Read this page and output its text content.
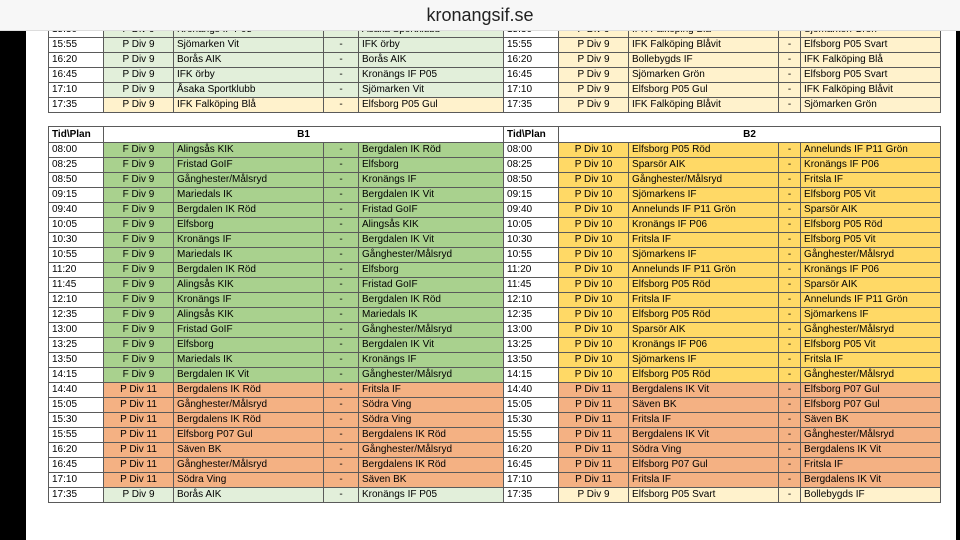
kronangsif.se

15:55	P Div 9	Sjömarken Vit	-	IFK örby	15:55	P Div 9	IFK Falköping Blåvit	-	Elfsborg P05 Svart
16:20	P Div 9	Borås AIK	-	Borås AIK	16:20	P Div 9	Bollebygds IF	-	IFK Falköping Blå
16:45	P Div 9	IFK örby	-	Kronängs IF P05	16:45	P Div 9	Sjömarken Grön	-	Elfsborg P05 Svart
17:10	P Div 9	Åsaka Sportklubb	-	Sjömarken Vit	17:10	P Div 9	Elfsborg P05 Gul	-	IFK Falköping Blåvit
17:35	P Div 9	IFK Falköping Blå	-	Elfsborg P05 Gul	17:35	P Div 9	IFK Falköping Blåvit	-	Sjömarken Grön
Tid\Plan	B1				Tid\Plan	B2			
08:00	F Div 9	Alingsås KIK	-	Bergdalen IK Röd	08:00	P Div 10	Elfsborg P05 Röd	-	Annelunds IF P11 Grön
08:25	F Div 9	Fristad GoIF	-	Elfsborg	08:25	P Div 10	Sparsör AIK	-	Kronängs IF P06
08:50	F Div 9	Gånghester/Målsryd	-	Kronängs IF	08:50	P Div 10	Gånghester/Målsryd	-	Fritsla IF
09:15	F Div 9	Mariedals IK	-	Bergdalen IK Vit	09:15	P Div 10	Sjömarkens IF	-	Elfsborg P05 Vit
09:40	F Div 9	Bergdalen IK Röd	-	Fristad GoIF	09:40	P Div 10	Annelunds IF P11 Grön	-	Sparsör AIK
10:05	F Div 9	Elfsborg	-	Alingsås KIK	10:05	P Div 10	Kronängs IF P06	-	Elfsborg P05 Röd
10:30	F Div 9	Kronängs IF	-	Bergdalen IK Vit	10:30	P Div 10	Fritsla IF	-	Elfsborg P05 Vit
10:55	F Div 9	Mariedals IK	-	Gånghester/Målsryd	10:55	P Div 10	Sjömarkens IF	-	Gånghester/Målsryd
11:20	F Div 9	Bergdalen IK Röd	-	Elfsborg	11:20	P Div 10	Annelunds IF P11 Grön	-	Kronängs IF P06
11:45	F Div 9	Alingsås KIK	-	Fristad GoIF	11:45	P Div 10	Elfsborg P05 Röd	-	Sparsör AIK
12:10	F Div 9	Kronängs IF	-	Bergdalen IK Röd	12:10	P Div 10	Fritsla IF	-	Annelunds IF P11 Grön
12:35	F Div 9	Alingsås KIK	-	Mariedals IK	12:35	P Div 10	Elfsborg P05 Röd	-	Sjömarkens IF
13:00	F Div 9	Fristad GoIF	-	Gånghester/Målsryd	13:00	P Div 10	Sparsör AIK	-	Gånghester/Målsryd
13:25	F Div 9	Elfsborg	-	Bergdalen IK Vit	13:25	P Div 10	Kronängs IF P06	-	Elfsborg P05 Vit
13:50	F Div 9	Mariedals IK	-	Kronängs IF	13:50	P Div 10	Sjömarkens IF	-	Fritsla IF
14:15	F Div 9	Bergdalen IK Vit	-	Gånghester/Målsryd	14:15	P Div 10	Elfsborg P05 Röd	-	Gånghester/Målsryd
14:40	P Div 11	Bergdalens IK Röd	-	Fritsla IF	14:40	P Div 11	Bergdalens IK Vit	-	Elfsborg P07 Gul
15:05	P Div 11	Gånghester/Målsryd	-	Södra Ving	15:05	P Div 11	Säven BK	-	Elfsborg P07 Gul
15:30	P Div 11	Bergdalens IK Röd	-	Södra Ving	15:30	P Div 11	Fritsla IF	-	Säven BK
15:55	P Div 11	Elfsborg P07 Gul	-	Bergdalens IK Röd	15:55	P Div 11	Bergdalens IK Vit	-	Gånghester/Målsryd
16:20	P Div 11	Säven BK	-	Gånghester/Målsryd	16:20	P Div 11	Södra Ving	-	Bergdalens IK Vit
16:45	P Div 11	Gånghester/Målsryd	-	Bergdalens IK Röd	16:45	P Div 11	Elfsborg P07 Gul	-	Fritsla IF
17:10	P Div 11	Södra Ving	-	Säven BK	17:10	P Div 11	Fritsla IF	-	Bergdalens IK Vit
17:35	P Div 9	Borås AIK	-	Kronängs IF P05	17:35	P Div 9	Elfsborg P05 Svart	-	Bollebygds IF
